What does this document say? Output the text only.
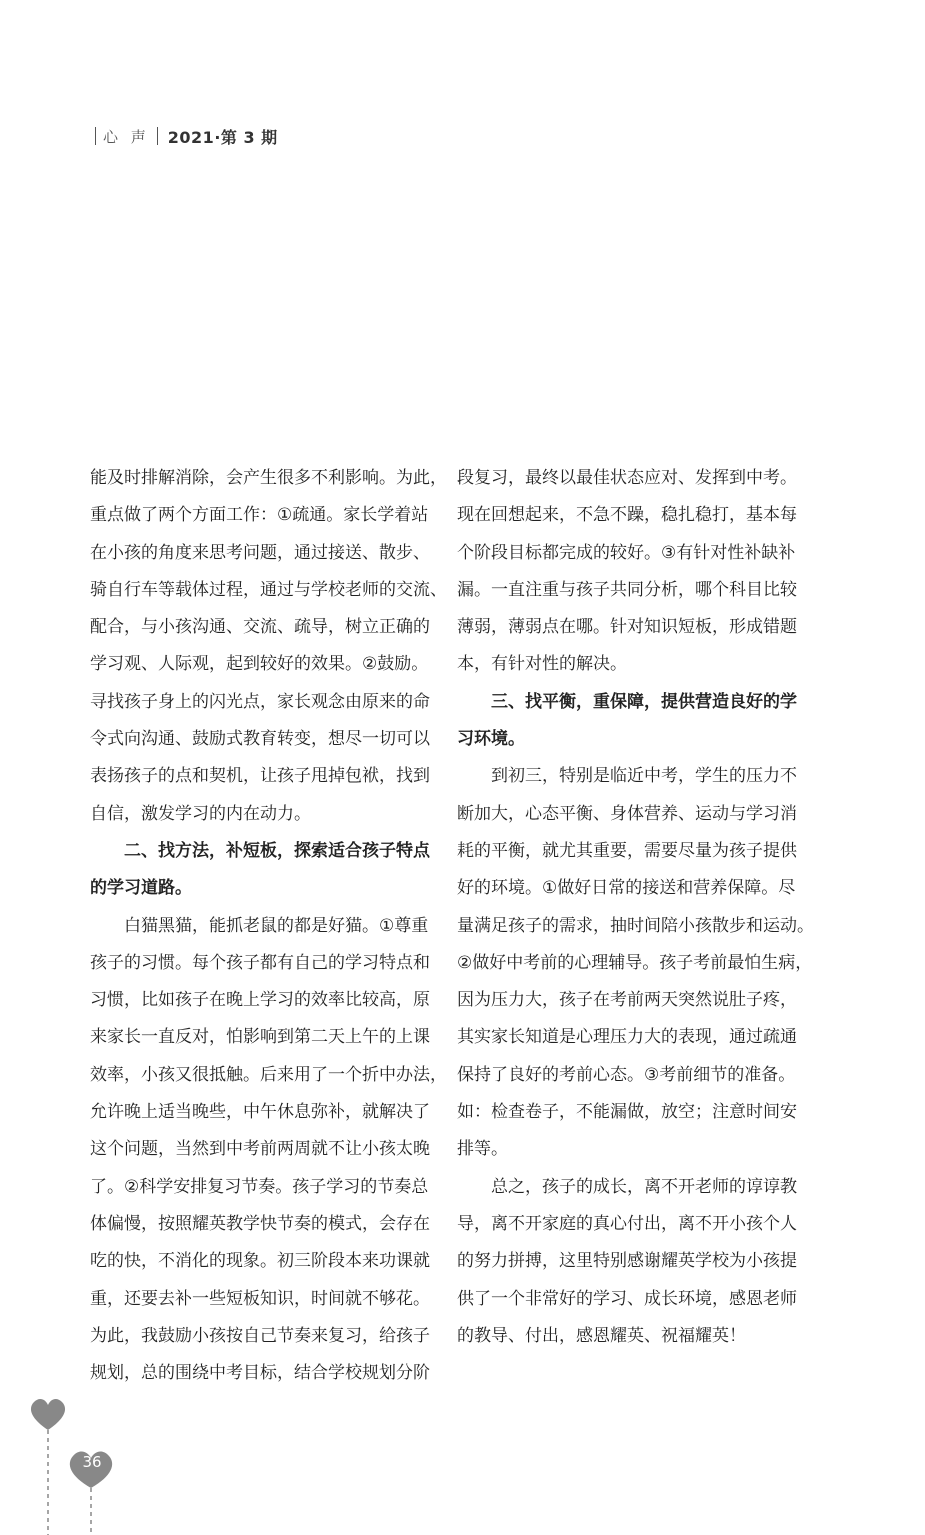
心 声 2021·第 3 期
能及时排解消除，会产生很多不利影响。为此，
重点做了两个方面工作：①疏通。家长学着站
在小孩的角度来思考问题，通过接送、散步、
骑自行车等载体过程，通过与学校老师的交流、
配合，与小孩沟通、交流、疏导，树立正确的
学习观、人际观，起到较好的效果。②鼓励。
寻找孩子身上的闪光点，家长观念由原来的命
令式向沟通、鼓励式教育转变，想尽一切可以
表扬孩子的点和契机，让孩子甩掉包袱，找到
自信，激发学习的内在动力。
　　二、找方法，补短板，探索适合孩子特点
的学习道路。
　　白猫黑猫，能抓老鼠的都是好猫。①尊重
孩子的习惯。每个孩子都有自己的学习特点和
习惯，比如孩子在晚上学习的效率比较高，原
来家长一直反对，怕影响到第二天上午的上课
效率，小孩又很抵触。后来用了一个折中办法，
允许晚上适当晚些，中午休息弥补，就解决了
这个问题，当然到中考前两周就不让小孩太晚
了。②科学安排复习节奏。孩子学习的节奏总
体偏慢，按照耀英教学快节奏的模式，会存在
吃的快，不消化的现象。初三阶段本来功课就
重，还要去补一些短板知识，时间就不够花。
为此，我鼓励小孩按自己节奏来复习，给孩子
规划，总的围绕中考目标，结合学校规划分阶
段复习，最终以最佳状态应对、发挥到中考。
现在回想起来，不急不躁，稳扎稳打，基本每
个阶段目标都完成的较好。③有针对性补缺补
漏。一直注重与孩子共同分析，哪个科目比较
薄弱，薄弱点在哪。针对知识短板，形成错题
本，有针对性的解决。
　　三、找平衡，重保障，提供营造良好的学
习环境。
　　到初三，特别是临近中考，学生的压力不
断加大，心态平衡、身体营养、运动与学习消
耗的平衡，就尤其重要，需要尽量为孩子提供
好的环境。①做好日常的接送和营养保障。尽
量满足孩子的需求，抽时间陪小孩散步和运动。
②做好中考前的心理辅导。孩子考前最怕生病，
因为压力大，孩子在考前两天突然说肚子疼，
其实家长知道是心理压力大的表现，通过疏通
保持了良好的考前心态。③考前细节的准备。
如：检查卷子，不能漏做，放空；注意时间安
排等。
　　总之，孩子的成长，离不开老师的谆谆教
导，离不开家庭的真心付出，离不开小孩个人
的努力拼搏，这里特别感谢耀英学校为小孩提
供了一个非常好的学习、成长环境，感恩老师
的教导、付出，感恩耀英、祝福耀英！
36
